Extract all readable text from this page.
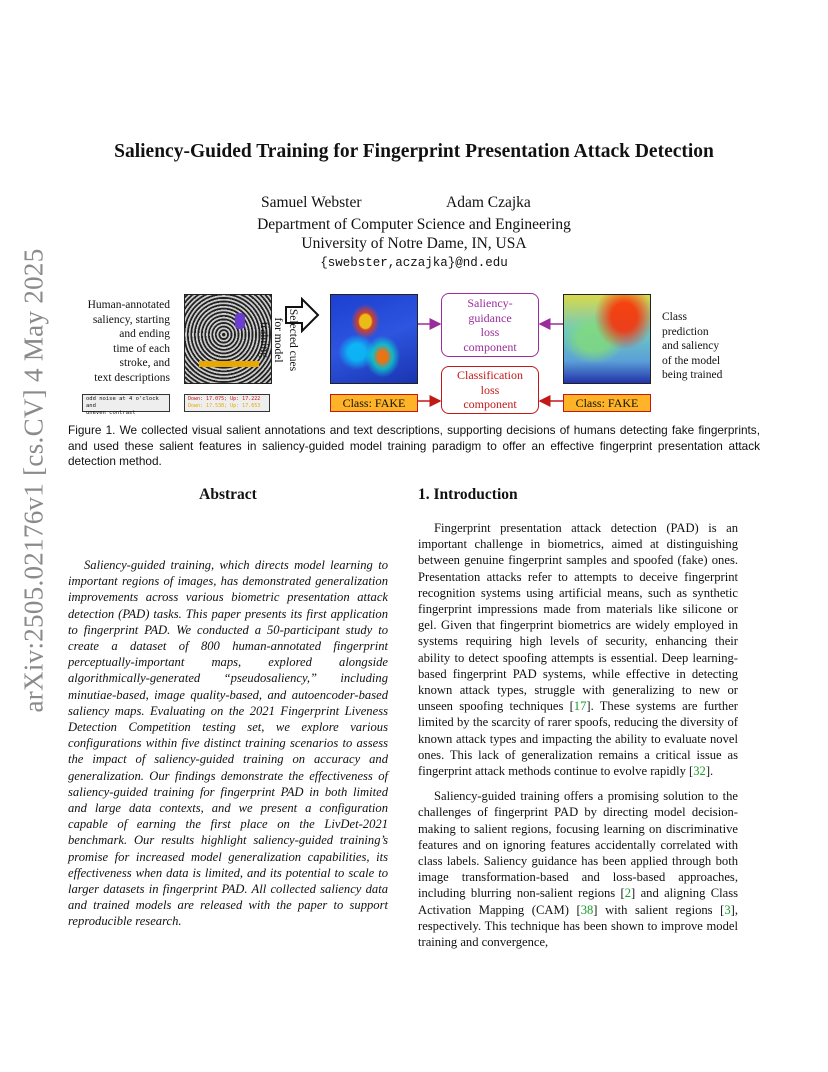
arXiv:2505.02176v1 [cs.CV] 4 May 2025
Saliency-Guided Training for Fingerprint Presentation Attack Detection
Samuel Webster	Adam Czajka
Department of Computer Science and Engineering
University of Notre Dame, IN, USA
{swebster,aczajka}@nd.edu
Human-annotated
saliency, starting
and ending
time of each
stroke, and
text descriptions
odd noise at 4 o'clock and
uneven contrast
Down: 17.075; Up: 17.222
Down: 17.530; Up: 17.653
Selected cues
for model
training
Class: FAKE
Saliency-
guidance
loss
component
Classification
loss
component	Class: FAKE
Class
prediction
and saliency
of the model
being trained
Figure 1. We collected visual salient annotations and text descriptions, supporting decisions of humans detecting fake fingerprints, and used these salient features in saliency-guided model training paradigm to offer an effective fingerprint presentation attack detection method.
Abstract

Saliency-guided training, which directs model learning to important regions of images, has demonstrated generalization improvements across various biometric presentation attack detection (PAD) tasks. This paper presents its first application to fingerprint PAD. We conducted a 50-participant study to create a dataset of 800 human-annotated fingerprint perceptually-important maps, explored alongside algorithmically-generated “pseudosaliency,” including minutiae-based, image quality-based, and autoencoder-based saliency maps. Evaluating on the 2021 Fingerprint Liveness Detection Competition testing set, we explore various configurations within five distinct training scenarios to assess the impact of saliency-guided training on accuracy and generalization. Our findings demonstrate the effectiveness of saliency-guided training for fingerprint PAD in both limited and large data contexts, and we present a configuration capable of earning the first place on the LivDet-2021 benchmark. Our results highlight saliency-guided training’s promise for increased model generalization capabilities, its effectiveness when data is limited, and its potential to scale to larger datasets in fingerprint PAD. All collected saliency data and trained models are released with the paper to support reproducible research.

1. Introduction

Fingerprint presentation attack detection (PAD) is an important challenge in biometrics, aimed at distinguishing between genuine fingerprint samples and spoofed (fake) ones. Presentation attacks refer to attempts to deceive fingerprint recognition systems using artificial means, such as synthetic fingerprint impressions made from materials like silicone or gel. Given that fingerprint biometrics are widely employed in systems requiring high levels of security, enhancing their ability to detect spoofing attempts is essential. Deep learning-based fingerprint PAD systems, while effective in detecting known attack types, struggle with generalizing to new or unseen spoofing techniques [17]. These systems are further limited by the scarcity of rarer spoofs, reducing the diversity of known attack types and impacting the ability to evaluate novel ones. This lack of generalization remains a critical issue as fingerprint attack methods continue to evolve rapidly [32].

Saliency-guided training offers a promising solution to the challenges of fingerprint PAD by directing model decision-making to salient regions, focusing learning on discriminative features and on ignoring features accidentally correlated with class labels. Saliency guidance has been applied through both image transformation-based and loss-based approaches, including blurring non-salient regions [2] and aligning Class Activation Mapping (CAM) [38] with salient regions [3], respectively. This technique has been shown to improve model training and convergence,
